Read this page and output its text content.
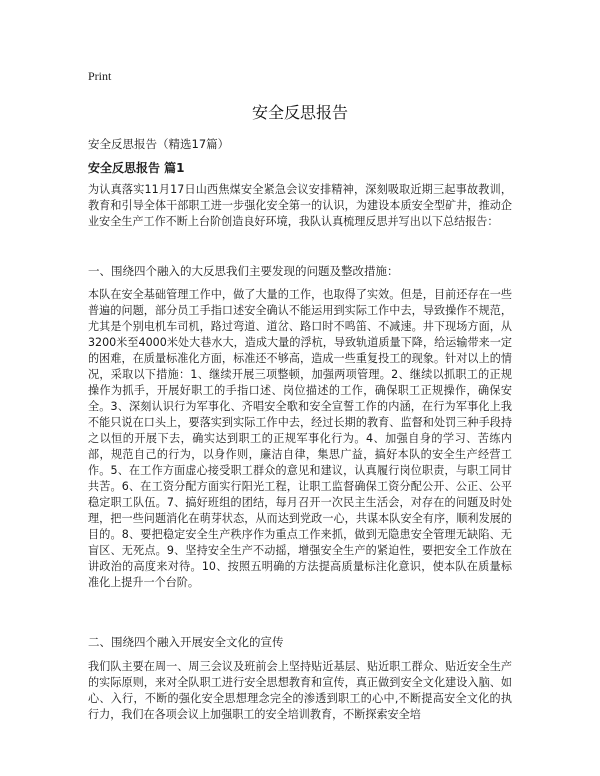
Print
安全反思报告

安全反思报告（精选17篇）

安全反思报告 篇1

为认真落实11月17日山西焦煤安全紧急会议安排精神，深刻吸取近期三起事故教训，教育和引导全体干部职工进一步强化安全第一的认识，为建设本质安全型矿井，推动企业安全生产工作不断上台阶创造良好环境，我队认真梳理反思并写出以下总结报告：

一、围绕四个融入的大反思我们主要发现的问题及整改措施：

本队在安全基础管理工作中，做了大量的工作，也取得了实效。但是，目前还存在一些普遍的问题，部分员工手指口述安全确认不能运用到实际工作中去，导致操作不规范，尤其是个别电机车司机，路过弯道、道岔、路口时不鸣笛、不减速。井下现场方面，从3200米至4000米处大巷水大，造成大量的浮杭，导致轨道质量下降，给运输带来一定的困难，在质量标准化方面，标准还不够高，造成一些重复投工的现象。针对以上的情况，采取以下措施：1、继续开展三项整顿，加强两项管理。2、继续以抓职工的正规操作为抓手，开展好职工的手指口述、岗位描述的工作，确保职工正规操作，确保安全。3、深刻认识行为军事化、齐唱安全歌和安全宣誓工作的内涵，在行为军事化上我不能只说在口头上，要落实到实际工作中去，经过长期的教育、监督和处罚三种手段持之以恒的开展下去，确实达到职工的正规军事化行为。4、加强自身的学习、苦练内部，规范自己的行为，以身作则，廉洁自律，集思广益，搞好本队的安全生产经营工作。5、在工作方面虚心接受职工群众的意见和建议，认真履行岗位职责，与职工同甘共苦。6、在工资分配方面实行阳光工程，让职工监督确保工资分配公开、公正、公平稳定职工队伍。7、搞好班组的团结，每月召开一次民主生活会，对存在的问题及时处理，把一些问题消化在萌芽状态，从而达到党政一心，共谋本队安全有序，顺利发展的目的。8、要把稳定安全生产秩序作为重点工作来抓，做到无隐患安全管理无缺陷、无盲区、无死点。9、坚持安全生产不动摇，增强安全生产的紧迫性，要把安全工作放在讲政治的高度来对待。10、按照五明确的方法提高质量标注化意识，使本队在质量标准化上提升一个台阶。

二、围绕四个融入开展安全文化的宣传

我们队主要在周一、周三会议及班前会上坚持贴近基层、贴近职工群众、贴近安全生产的实际原则，来对全队职工进行安全思想教育和宣传，真正做到安全文化建设入脑、如心、入行，不断的强化安全思想理念完全的渗透到职工的心中,不断提高安全文化的执行力，我们在各项会议上加强职工的安全培训教育，不断探索安全培
